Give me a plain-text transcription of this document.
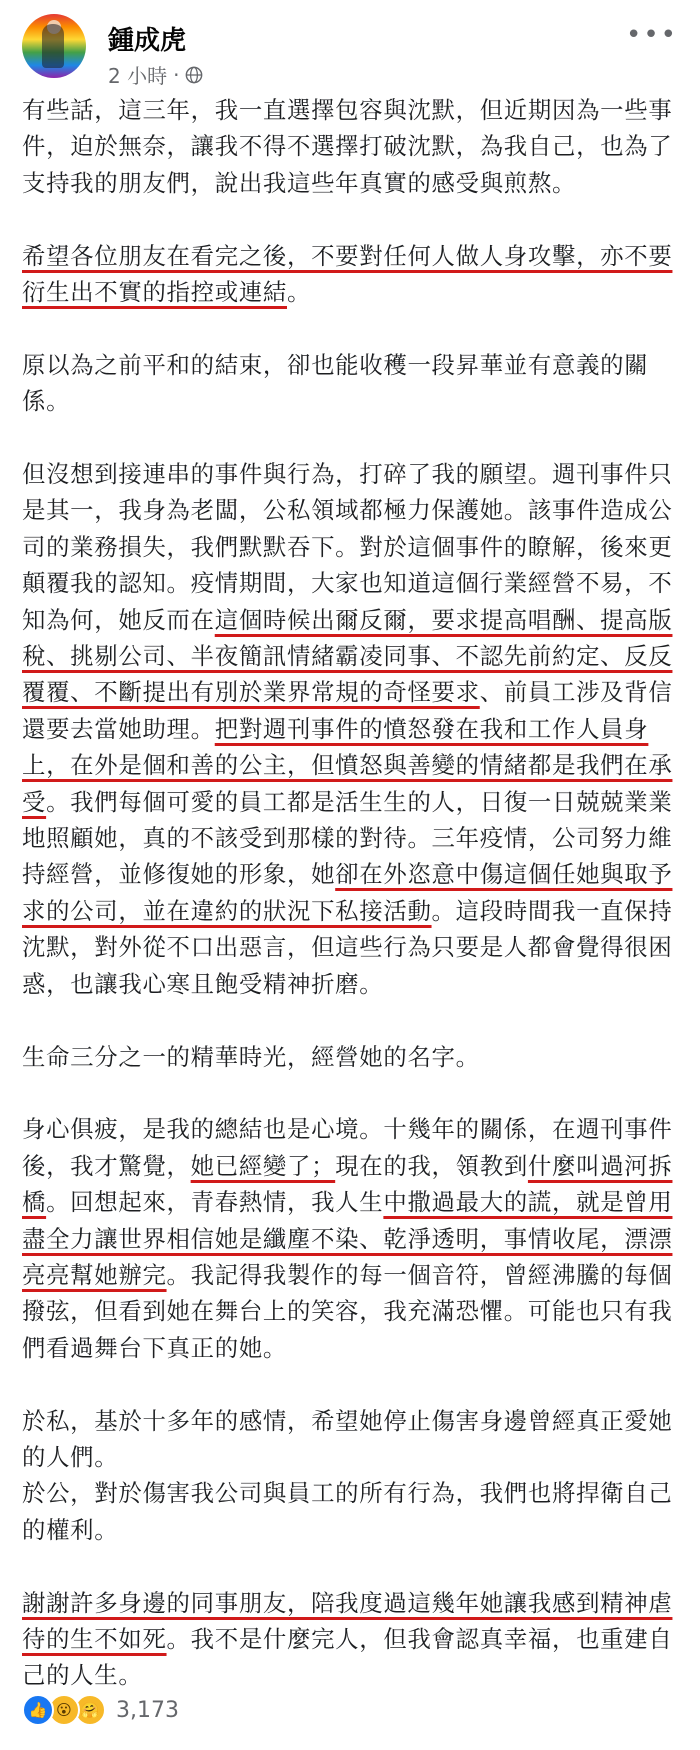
鍾成虎
2 小時 ·
•••

有些話，這三年，我一直選擇包容與沈默，但近期因為一些事件，迫於無奈，讓我不得不選擇打破沈默，為我自己，也為了支持我的朋友們，說出我這些年真實的感受與煎熬。

希望各位朋友在看完之後，不要對任何人做人身攻擊，亦不要衍生出不實的指控或連結。

原以為之前平和的結束，卻也能收穫一段昇華並有意義的關係。

但沒想到接連串的事件與行為，打碎了我的願望。週刊事件只是其一，我身為老闆，公私領域都極力保護她。該事件造成公司的業務損失，我們默默吞下。對於這個事件的瞭解，後來更顛覆我的認知。疫情期間，大家也知道這個行業經營不易，不知為何，她反而在這個時候出爾反爾，要求提高唱酬、提高版稅、挑剔公司、半夜簡訊情緒霸凌同事、不認先前約定、反反覆覆、不斷提出有別於業界常規的奇怪要求、前員工涉及背信還要去當她助理。把對週刊事件的憤怒發在我和工作人員身上，在外是個和善的公主，但憤怒與善變的情緒都是我們在承受。我們每個可愛的員工都是活生生的人，日復一日兢兢業業地照顧她，真的不該受到那樣的對待。三年疫情，公司努力維持經營，並修復她的形象，她卻在外恣意中傷這個任她與取予求的公司，並在違約的狀況下私接活動。這段時間我一直保持沈默，對外從不口出惡言，但這些行為只要是人都會覺得很困惑，也讓我心寒且飽受精神折磨。

生命三分之一的精華時光，經營她的名字。

身心俱疲，是我的總結也是心境。十幾年的關係，在週刊事件後，我才驚覺，她已經變了；現在的我，領教到什麼叫過河拆橋。回想起來，青春熱情，我人生中撒過最大的謊，就是曾用盡全力讓世界相信她是纖塵不染、乾淨透明，事情收尾，漂漂亮亮幫她辦完。我記得我製作的每一個音符，曾經沸騰的每個撥弦，但看到她在舞台上的笑容，我充滿恐懼。可能也只有我們看過舞台下真正的她。

於私，基於十多年的感情，希望她停止傷害身邊曾經真正愛她的人們。

於公，對於傷害我公司與員工的所有行為，我們也將捍衛自己的權利。

謝謝許多身邊的同事朋友，陪我度過這幾年她讓我感到精神虐待的生不如死。我不是什麼完人，但我會認真幸福，也重建自己的人生。

👍 😮 🤗 3,173
